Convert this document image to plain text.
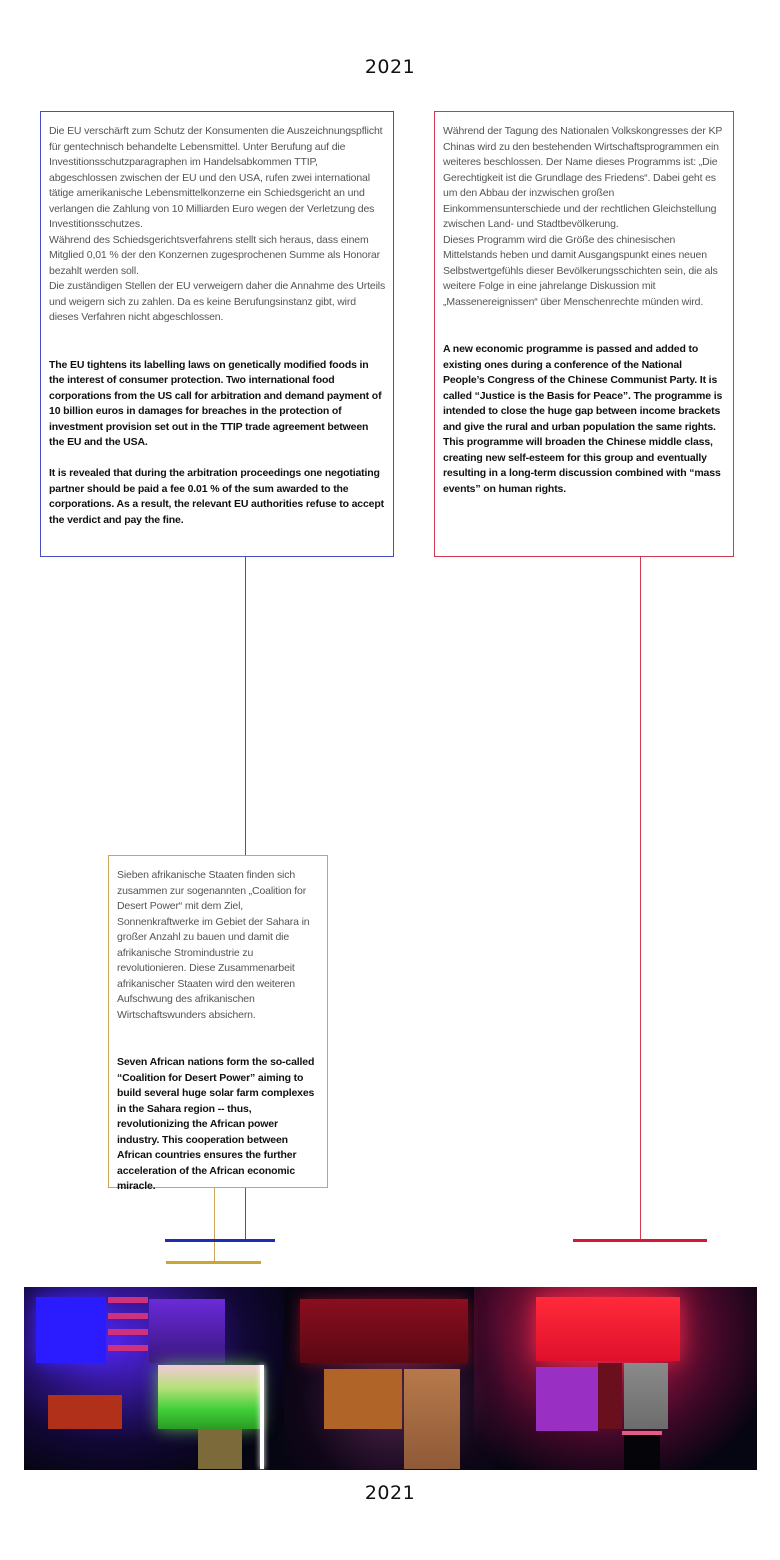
2021

Die EU verschärft zum Schutz der Konsumenten die Auszeichnungspflicht für gentechnisch behandelte Lebensmittel. Unter Berufung auf die Investitionsschutzparagraphen im Handelsabkommen TTIP, abgeschlossen zwischen der EU und den USA, rufen zwei international tätige amerikanische Lebensmittelkonzerne ein Schiedsgericht an und verlangen die Zahlung von 10 Milliarden Euro wegen der Verletzung des Investitionsschutzes.
Während des Schiedsgerichtsverfahrens stellt sich heraus, dass einem Mitglied 0,01 % der den Konzernen zugesprochenen Summe als Honorar bezahlt werden soll.
Die zuständigen Stellen der EU verweigern daher die Annahme des Urteils und weigern sich zu zahlen. Da es keine Berufungsinstanz gibt, wird dieses Verfahren nicht abgeschlossen.

The EU tightens its labelling laws on genetically modified foods in the interest of consumer protection. Two international food corporations from the US call for arbitration and demand payment of 10 billion euros in damages for breaches in the protection of investment provision set out in the TTIP trade agreement between the EU and the USA.

It is revealed that during the arbitration proceedings one negotiating partner should be paid a fee 0.01 % of the sum awarded to the corporations. As a result, the relevant EU authorities refuse to accept the verdict and pay the fine.

Während der Tagung des Nationalen Volkskongresses der KP Chinas wird zu den bestehenden Wirtschaftsprogrammen ein weiteres beschlossen. Der Name dieses Programms ist: „Die Gerechtigkeit ist die Grundlage des Friedens“. Dabei geht es um den Abbau der inzwischen großen Einkommensunterschiede und der rechtlichen Gleichstellung zwischen Land- und Stadtbevölkerung.
Dieses Programm wird die Größe des chinesischen Mittelstands heben und damit Ausgangspunkt eines neuen Selbstwertgefühls dieser Bevölkerungsschichten sein, die als weitere Folge in eine jahrelange Diskussion mit „Massenereignissen“ über Menschenrechte münden wird.

A new economic programme is passed and added to existing ones during a conference of the National People’s Congress of the Chinese Communist Party. It is called “Justice is the Basis for Peace”. The programme is intended to close the huge gap between income brackets and give the rural and urban population the same rights.
This programme will broaden the Chinese middle class, creating new self-esteem for this group and eventually resulting in a long-term discussion combined with “mass events” on human rights.

Sieben afrikanische Staaten finden sich zusammen zur sogenannten „Coalition for Desert Power“ mit dem Ziel, Sonnenkraftwerke im Gebiet der Sahara in großer Anzahl zu bauen und damit die afrikanische Stromindustrie zu revolutionieren. Diese Zusammenarbeit afrikanischer Staaten wird den weiteren Aufschwung des afrikanischen Wirtschaftswunders absichern.

Seven African nations form the so-called “Coalition for Desert Power” aiming to build several huge solar farm complexes in the Sahara region -- thus, revolutionizing the African power industry. This cooperation between African countries ensures the further acceleration of the African economic miracle.

2021
